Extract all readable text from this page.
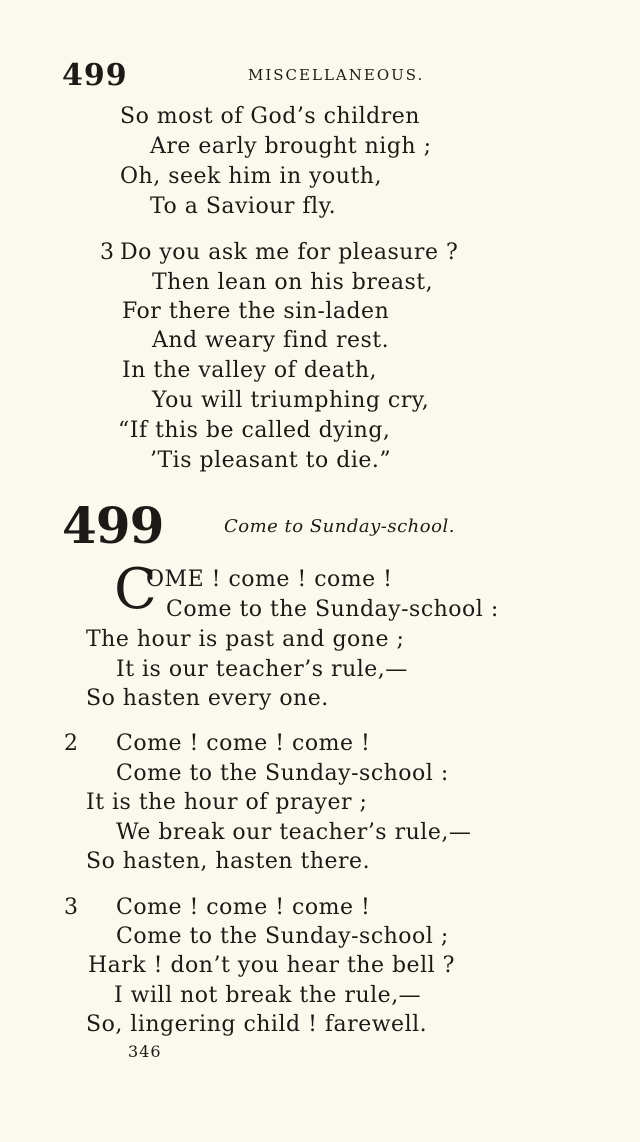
499	MISCELLANEOUS.
So most of God’s children
Are early brought nigh ;
Oh, seek him in youth,
To a Saviour fly.
3 Do you ask me for pleasure ?
Then lean on his breast,
For there the sin-laden
And weary find rest.
In the valley of death,
You will triumphing cry,
“If this be called dying,
’Tis pleasant to die.”
499	Come to Sunday-school.
C
OME ! come ! come !
Come to the Sunday-school :
The hour is past and gone ;
It is our teacher’s rule,—
So hasten every one.
2 Come ! come ! come !
Come to the Sunday-school :
It is the hour of prayer ;
We break our teacher’s rule,—
So hasten, hasten there.
3 Come ! come ! come !
Come to the Sunday-school ;
Hark ! don’t you hear the bell ?
I will not break the rule,—
So, lingering child ! farewell.
346
